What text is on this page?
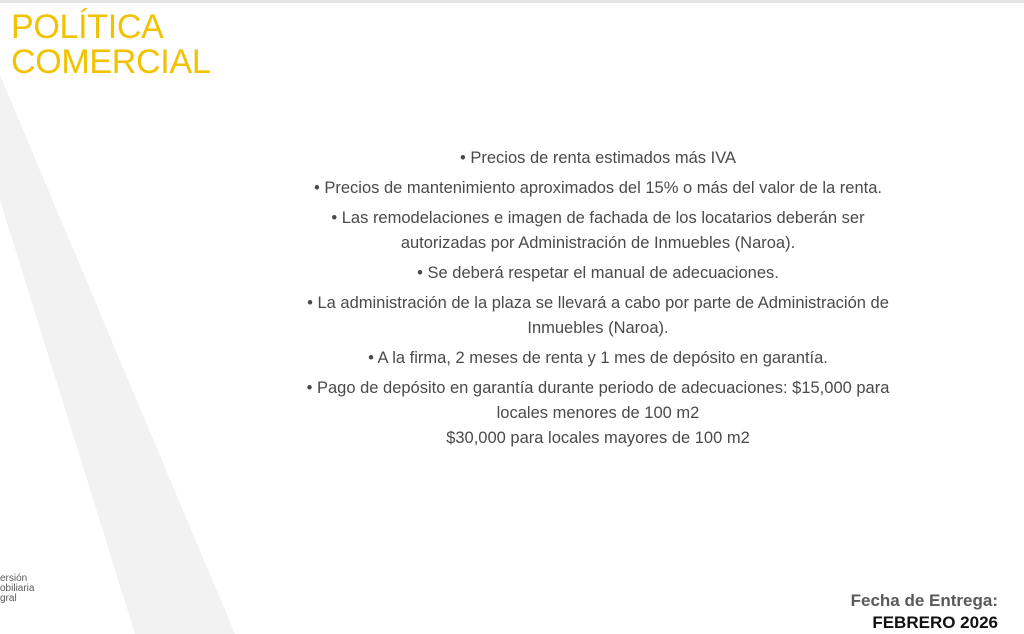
POLÍTICA
COMERCIAL
• Precios de renta estimados más IVA
• Precios de mantenimiento aproximados del 15% o más del valor de la renta.
• Las remodelaciones e imagen de fachada de los locatarios deberán ser autorizadas por Administración de Inmuebles (Naroa).
• Se deberá respetar el manual de adecuaciones.
• La administración de la plaza se llevará a cabo por parte de Administración de Inmuebles (Naroa).
• A la firma, 2 meses de renta y 1 mes de depósito en garantía.
• Pago de depósito en garantía durante periodo de adecuaciones: $15,000 para locales menores de 100 m2
$30,000 para locales mayores de 100 m2
ersión
obiliaria
gral	Fecha de Entrega:
FEBRERO 2026
